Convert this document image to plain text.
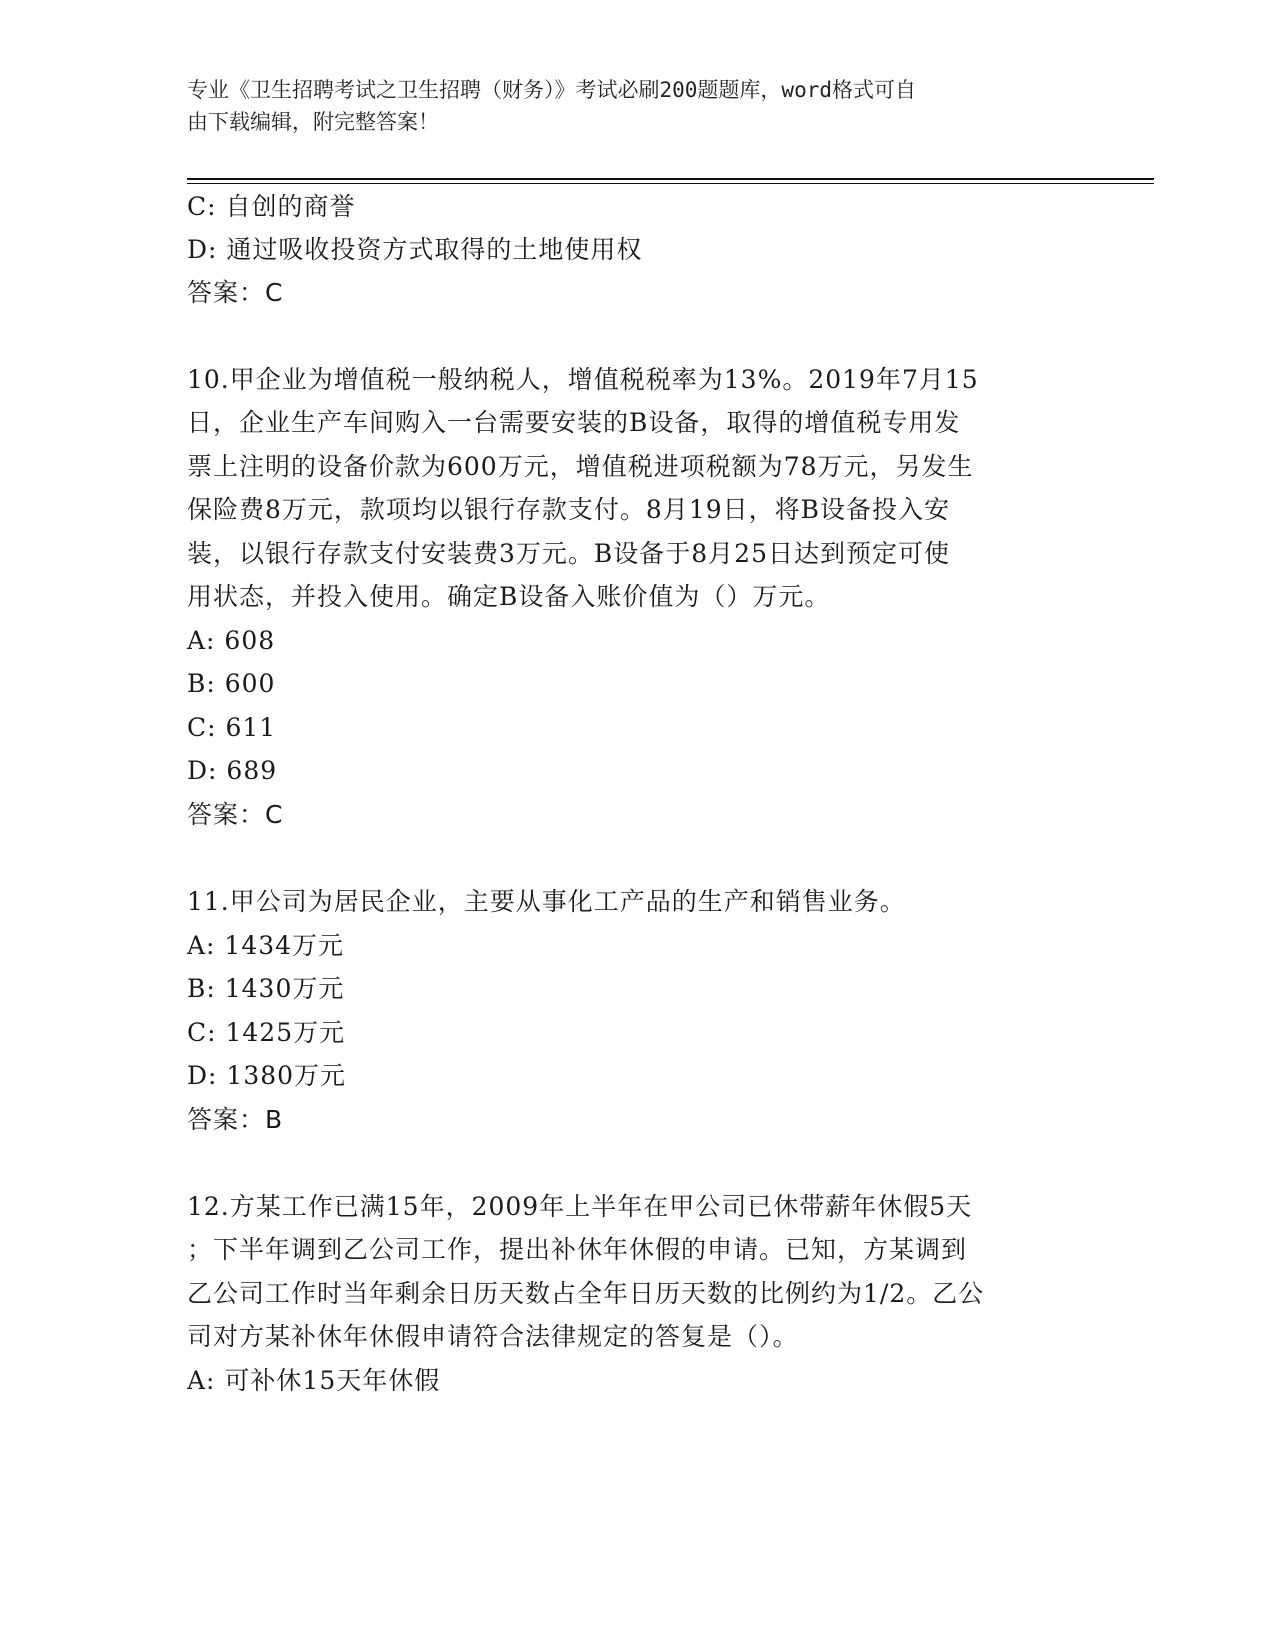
专业《卫生招聘考试之卫生招聘（财务）》考试必刷200题题库，word格式可自
由下载编辑，附完整答案！
C: 自创的商誉
D: 通过吸收投资方式取得的土地使用权
答案：C
10.甲企业为增值税一般纳税人，增值税税率为13%。2019年7月15
日，企业生产车间购入一台需要安装的B设备，取得的增值税专用发
票上注明的设备价款为600万元，增值税进项税额为78万元，另发生
保险费8万元，款项均以银行存款支付。8月19日，将B设备投入安
装，以银行存款支付安装费3万元。B设备于8月25日达到预定可使
用状态，并投入使用。确定B设备入账价值为（）万元。
A: 608
B: 600
C: 611
D: 689
答案：C
11.甲公司为居民企业，主要从事化工产品的生产和销售业务。
A: 1434万元
B: 1430万元
C: 1425万元
D: 1380万元
答案：B
12.方某工作已满15年，2009年上半年在甲公司已休带薪年休假5天
；下半年调到乙公司工作，提出补休年休假的申请。已知，方某调到
乙公司工作时当年剩余日历天数占全年日历天数的比例约为1/2。乙公
司对方某补休年休假申请符合法律规定的答复是（）。
A: 可补休15天年休假
